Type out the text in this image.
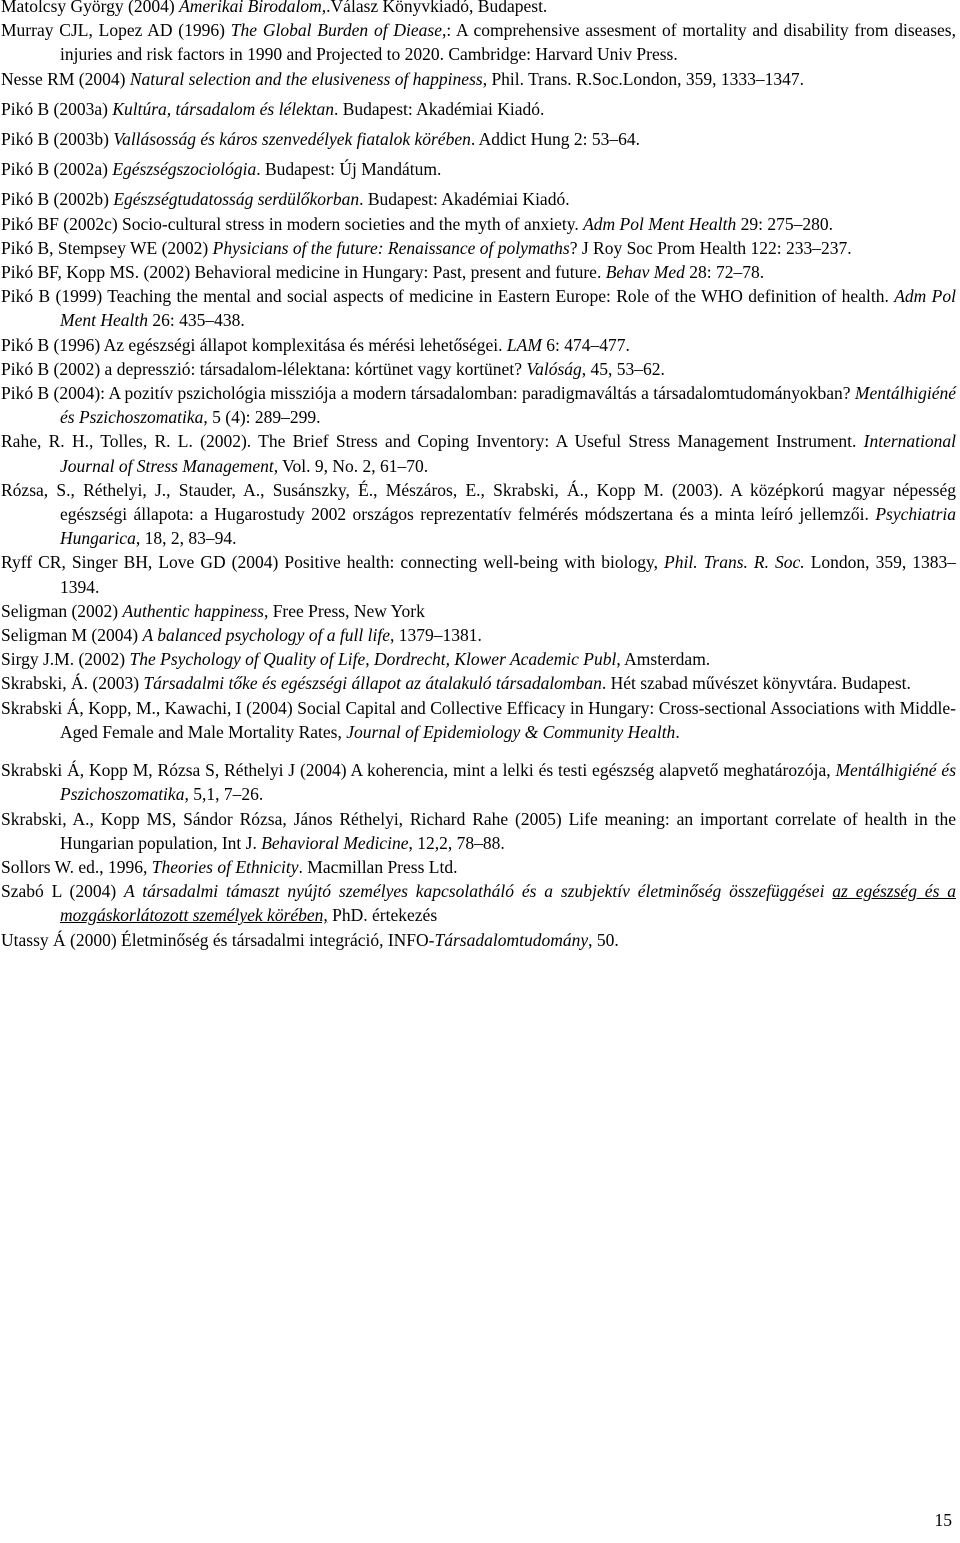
Matolcsy György (2004) Amerikai Birodalom,.Válasz Könyvkiadó, Budapest.

Murray CJL, Lopez AD (1996) The Global Burden of Diease,: A comprehensive assesment of mortality and disability from diseases, injuries and risk factors in 1990 and Projected to 2020. Cambridge: Harvard Univ Press.

Nesse RM (2004) Natural selection and the elusiveness of happiness, Phil. Trans. R.Soc.London, 359, 1333–1347.

Pikó B (2003a) Kultúra, társadalom és lélektan. Budapest: Akadémiai Kiadó.

Pikó B (2003b) Vallásosság és káros szenvedélyek fiatalok körében. Addict Hung 2: 53–64.

Pikó B (2002a) Egészségszociológia. Budapest: Új Mandátum.

Pikó B (2002b) Egészségtudatosság serdülőkorban. Budapest: Akadémiai Kiadó.

Pikó BF (2002c) Socio-cultural stress in modern societies and the myth of anxiety. Adm Pol Ment Health 29: 275–280.

Pikó B, Stempsey WE (2002) Physicians of the future: Renaissance of polymaths? J Roy Soc Prom Health 122: 233–237.

Pikó BF, Kopp MS. (2002) Behavioral medicine in Hungary: Past, present and future. Behav Med 28: 72–78.

Pikó B (1999) Teaching the mental and social aspects of medicine in Eastern Europe: Role of the WHO definition of health. Adm Pol Ment Health 26: 435–438.

Pikó B (1996) Az egészségi állapot komplexitása és mérési lehetőségei. LAM 6: 474–477.

Pikó B (2002) a depresszió: társadalom-lélektana: kórtünet vagy kortünet? Valóság, 45, 53–62.

Pikó B (2004): A pozitív pszichológia missziója a modern társadalomban: paradigmaváltás a társadalomtudományokban? Mentálhigiéné és Pszichoszomatika, 5 (4): 289–299.

Rahe, R. H., Tolles, R. L. (2002). The Brief Stress and Coping Inventory: A Useful Stress Management Instrument. International Journal of Stress Management, Vol. 9, No. 2, 61–70.

Rózsa, S., Réthelyi, J., Stauder, A., Susánszky, É., Mészáros, E., Skrabski, Á., Kopp M. (2003). A középkorú magyar népesség egészségi állapota: a Hugarostudy 2002 országos reprezentatív felmérés módszertana és a minta leíró jellemzői. Psychiatria Hungarica, 18, 2, 83–94.

Ryff CR, Singer BH, Love GD (2004) Positive health: connecting well-being with biology, Phil. Trans. R. Soc. London, 359, 1383–1394.

Seligman (2002) Authentic happiness, Free Press, New York

Seligman M (2004) A balanced psychology of a full life, 1379–1381.

Sirgy J.M. (2002) The Psychology of Quality of Life, Dordrecht, Klower Academic Publ, Amsterdam.

Skrabski, Á. (2003) Társadalmi tőke és egészségi állapot az átalakuló társadalomban. Hét szabad művészet könyvtára. Budapest.

Skrabski Á, Kopp, M., Kawachi, I (2004) Social Capital and Collective Efficacy in Hungary: Cross-sectional Associations with Middle-Aged Female and Male Mortality Rates, Journal of Epidemiology & Community Health.

Skrabski Á, Kopp M, Rózsa S, Réthelyi J (2004) A koherencia, mint a lelki és testi egészség alapvető meghatározója, Mentálhigiéné és Pszichoszomatika, 5,1, 7–26.

Skrabski, A., Kopp MS, Sándor Rózsa, János Réthelyi, Richard Rahe (2005) Life meaning: an important correlate of health in the Hungarian population, Int J. Behavioral Medicine, 12,2, 78–88.

Sollors W. ed., 1996, Theories of Ethnicity. Macmillan Press Ltd.

Szabó L (2004) A társadalmi támaszt nyújtó személyes kapcsolatháló és a szubjektív életminőség összefüggései az egészség és a mozgáskorlátozott személyek körében, PhD. értekezés

Utassy Á (2000) Életminőség és társadalmi integráció, INFO-Társadalomtudomány, 50.

15
